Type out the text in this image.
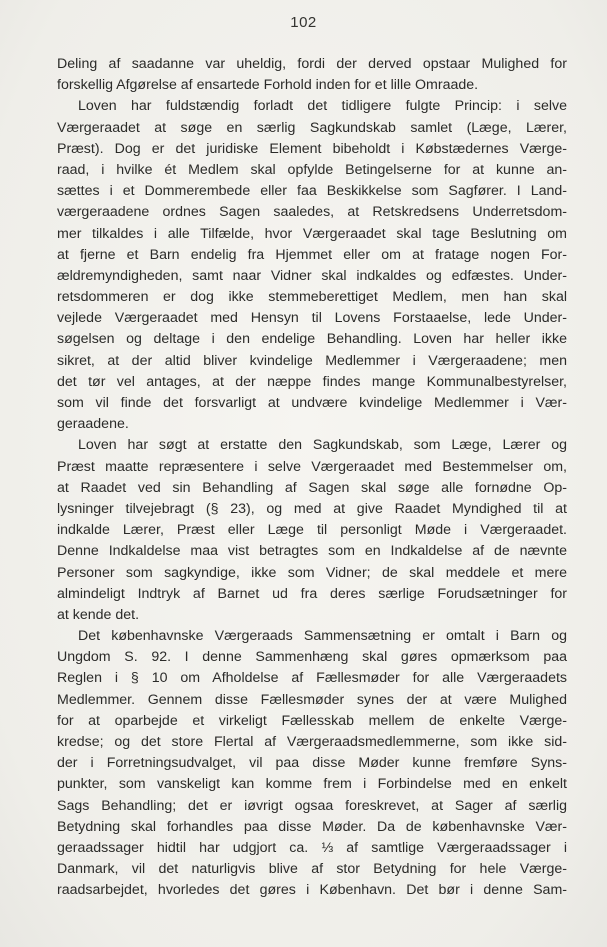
102
Deling af saadanne var uheldig, fordi der derved opstaar Mulighed for
forskellig Afgørelse af ensartede Forhold inden for et lille Omraade.
Loven har fuldstændig forladt det tidligere fulgte Princip: i selve
Værgeraadet at søge en særlig Sagkundskab samlet (Læge, Lærer,
Præst). Dog er det juridiske Element bibeholdt i Købstædernes Værge-
raad, i hvilke ét Medlem skal opfylde Betingelserne for at kunne an-
sættes i et Dommerembede eller faa Beskikkelse som Sagfører. I Land-
værgeraadene ordnes Sagen saaledes, at Retskredsens Underretsdom-
mer tilkaldes i alle Tilfælde, hvor Værgeraadet skal tage Beslutning om
at fjerne et Barn endelig fra Hjemmet eller om at fratage nogen For-
ældremyndigheden, samt naar Vidner skal indkaldes og edfæstes. Under-
retsdommeren er dog ikke stemmeberettiget Medlem, men han skal
vejlede Værgeraadet med Hensyn til Lovens Forstaaelse, lede Under-
søgelsen og deltage i den endelige Behandling. Loven har heller ikke
sikret, at der altid bliver kvindelige Medlemmer i Værgeraadene; men
det tør vel antages, at der næppe findes mange Kommunalbestyrelser,
som vil finde det forsvarligt at undvære kvindelige Medlemmer i Vær-
geraadene.
Loven har søgt at erstatte den Sagkundskab, som Læge, Lærer og
Præst maatte repræsentere i selve Værgeraadet med Bestemmelser om,
at Raadet ved sin Behandling af Sagen skal søge alle fornødne Op-
lysninger tilvejebragt (§ 23), og med at give Raadet Myndighed til at
indkalde Lærer, Præst eller Læge til personligt Møde i Værgeraadet.
Denne Indkaldelse maa vist betragtes som en Indkaldelse af de nævnte
Personer som sagkyndige, ikke som Vidner; de skal meddele et mere
almindeligt Indtryk af Barnet ud fra deres særlige Forudsætninger for
at kende det.
Det københavnske Værgeraads Sammensætning er omtalt i Barn og
Ungdom S. 92. I denne Sammenhæng skal gøres opmærksom paa
Reglen i § 10 om Afholdelse af Fællesmøder for alle Værgeraadets
Medlemmer. Gennem disse Fællesmøder synes der at være Mulighed
for at oparbejde et virkeligt Fællesskab mellem de enkelte Værge-
kredse; og det store Flertal af Værgeraadsmedlemmerne, som ikke sid-
der i Forretningsudvalget, vil paa disse Møder kunne fremføre Syns-
punkter, som vanskeligt kan komme frem i Forbindelse med en enkelt
Sags Behandling; det er iøvrigt ogsaa foreskrevet, at Sager af særlig
Betydning skal forhandles paa disse Møder. Da de københavnske Vær-
geraadssager hidtil har udgjort ca. ⅓ af samtlige Værgeraadssager i
Danmark, vil det naturligvis blive af stor Betydning for hele Værge-
raadsarbejdet, hvorledes det gøres i København. Det bør i denne Sam-
